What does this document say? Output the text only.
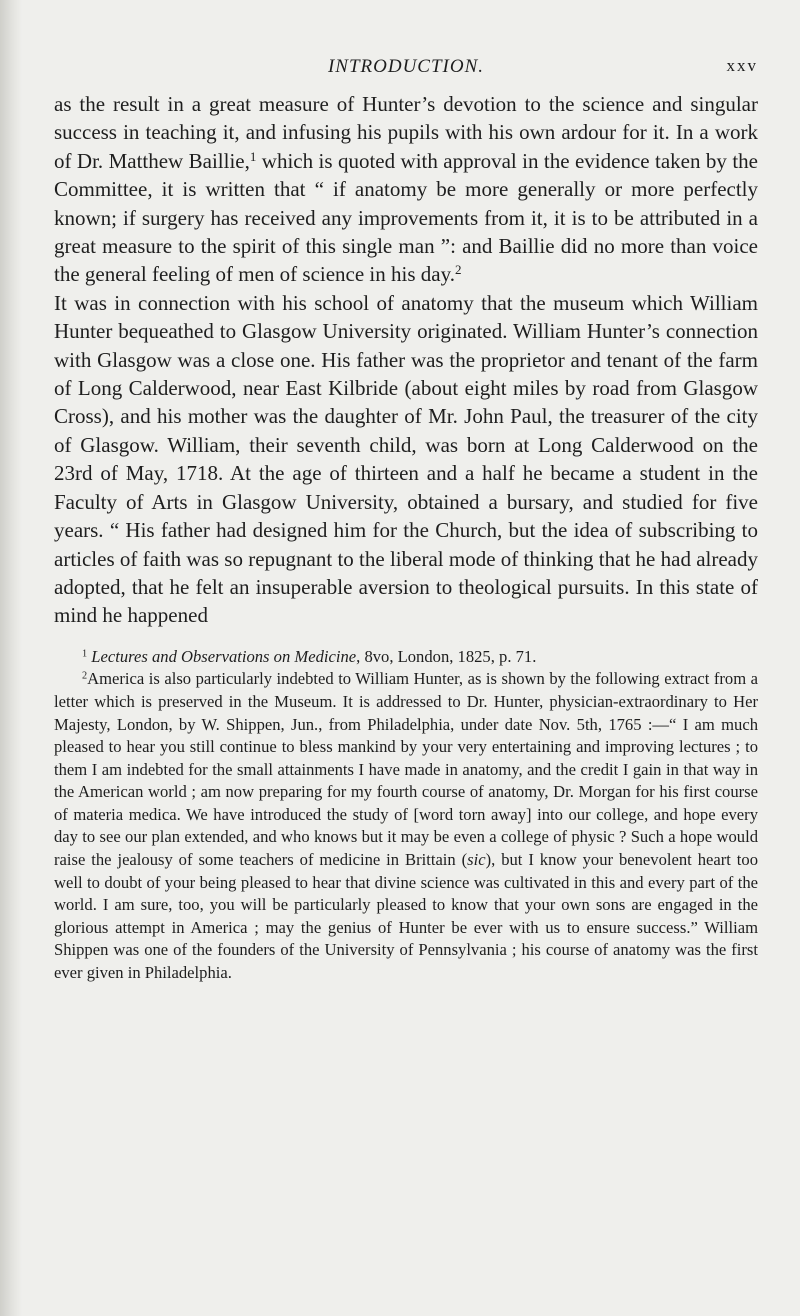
INTRODUCTION.	xxv

as the result in a great measure of Hunter’s devotion to the science and singular success in teaching it, and infusing his pupils with his own ardour for it. In a work of Dr. Matthew Baillie,$^1$ which is quoted with approval in the evidence taken by the Committee, it is written that “ if anatomy be more generally or more perfectly known; if surgery has received any improvements from it, it is to be attributed in a great measure to the spirit of this single man ”: and Baillie did no more than voice the general feeling of men of science in his day.$^2$

It was in connection with his school of anatomy that the museum which William Hunter bequeathed to Glasgow University originated. William Hunter’s connection with Glasgow was a close one. His father was the proprietor and tenant of the farm of Long Calderwood, near East Kilbride (about eight miles by road from Glasgow Cross), and his mother was the daughter of Mr. John Paul, the treasurer of the city of Glasgow. William, their seventh child, was born at Long Calderwood on the 23rd of May, 1718. At the age of thirteen and a half he became a student in the Faculty of Arts in Glasgow University, obtained a bursary, and studied for five years. “ His father had designed him for the Church, but the idea of subscribing to articles of faith was so repugnant to the liberal mode of thinking that he had already adopted, that he felt an insuperable aversion to theological pursuits. In this state of mind he happened

$^1$ Lectures and Observations on Medicine, 8vo, London, 1825, p. 71.

$^2$America is also particularly indebted to William Hunter, as is shown by the following extract from a letter which is preserved in the Museum. It is addressed to Dr. Hunter, physician-extraordinary to Her Majesty, London, by W. Shippen, Jun., from Philadelphia, under date Nov. 5th, 1765 :—“ I am much pleased to hear you still continue to bless mankind by your very entertaining and improving lectures ; to them I am indebted for the small attainments I have made in anatomy, and the credit I gain in that way in the American world ; am now preparing for my fourth course of anatomy, Dr. Morgan for his first course of materia medica. We have introduced the study of [word torn away] into our college, and hope every day to see our plan extended, and who knows but it may be even a college of physic ? Such a hope would raise the jealousy of some teachers of medicine in Brittain (sic), but I know your benevolent heart too well to doubt of your being pleased to hear that divine science was cultivated in this and every part of the world. I am sure, too, you will be particularly pleased to know that your own sons are engaged in the glorious attempt in America ; may the genius of Hunter be ever with us to ensure success.” William Shippen was one of the founders of the University of Pennsylvania ; his course of anatomy was the first ever given in Philadelphia.
